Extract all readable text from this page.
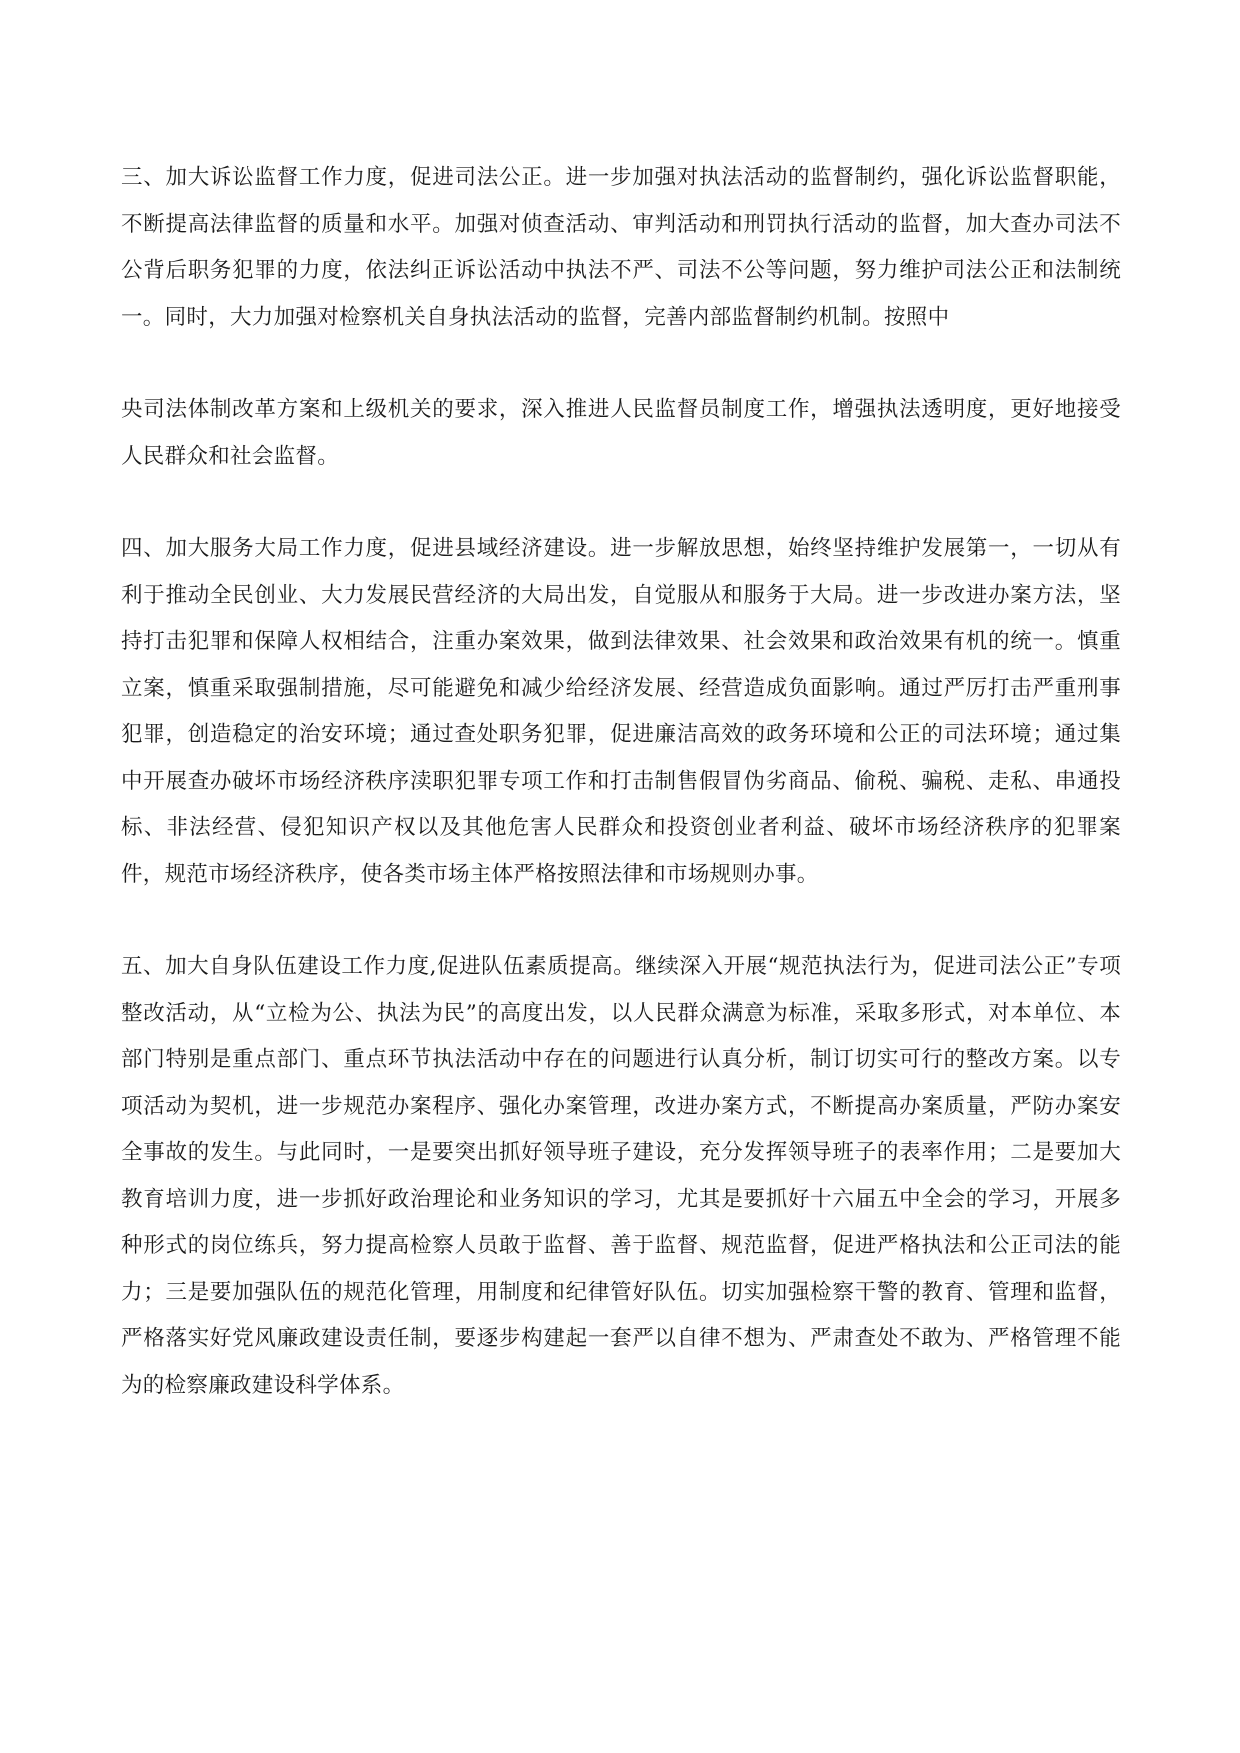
三、加大诉讼监督工作力度，促进司法公正。进一步加强对执法活动的监督制约，强化诉讼监督职能，不断提高法律监督的质量和水平。加强对侦查活动、审判活动和刑罚执行活动的监督，加大查办司法不公背后职务犯罪的力度，依法纠正诉讼活动中执法不严、司法不公等问题，努力维护司法公正和法制统一。同时，大力加强对检察机关自身执法活动的监督，完善内部监督制约机制。按照中

央司法体制改革方案和上级机关的要求，深入推进人民监督员制度工作，增强执法透明度，更好地接受人民群众和社会监督。

四、加大服务大局工作力度，促进县域经济建设。进一步解放思想，始终坚持维护发展第一，一切从有利于推动全民创业、大力发展民营经济的大局出发，自觉服从和服务于大局。进一步改进办案方法，坚持打击犯罪和保障人权相结合，注重办案效果，做到法律效果、社会效果和政治效果有机的统一。慎重立案，慎重采取强制措施，尽可能避免和减少给经济发展、经营造成负面影响。通过严厉打击严重刑事犯罪，创造稳定的治安环境；通过查处职务犯罪，促进廉洁高效的政务环境和公正的司法环境；通过集中开展查办破坏市场经济秩序渎职犯罪专项工作和打击制售假冒伪劣商品、偷税、骗税、走私、串通投标、非法经营、侵犯知识产权以及其他危害人民群众和投资创业者利益、破坏市场经济秩序的犯罪案件，规范市场经济秩序，使各类市场主体严格按照法律和市场规则办事。

五、加大自身队伍建设工作力度,促进队伍素质提高。继续深入开展“规范执法行为，促进司法公正”专项整改活动，从“立检为公、执法为民”的高度出发，以人民群众满意为标准，采取多形式，对本单位、本部门特别是重点部门、重点环节执法活动中存在的问题进行认真分析，制订切实可行的整改方案。以专项活动为契机，进一步规范办案程序、强化办案管理，改进办案方式，不断提高办案质量，严防办案安全事故的发生。与此同时，一是要突出抓好领导班子建设，充分发挥领导班子的表率作用；二是要加大教育培训力度，进一步抓好政治理论和业务知识的学习，尤其是要抓好十六届五中全会的学习，开展多种形式的岗位练兵，努力提高检察人员敢于监督、善于监督、规范监督，促进严格执法和公正司法的能力；三是要加强队伍的规范化管理，用制度和纪律管好队伍。切实加强检察干警的教育、管理和监督，严格落实好党风廉政建设责任制，要逐步构建起一套严以自律不想为、严肃查处不敢为、严格管理不能为的检察廉政建设科学体系。
